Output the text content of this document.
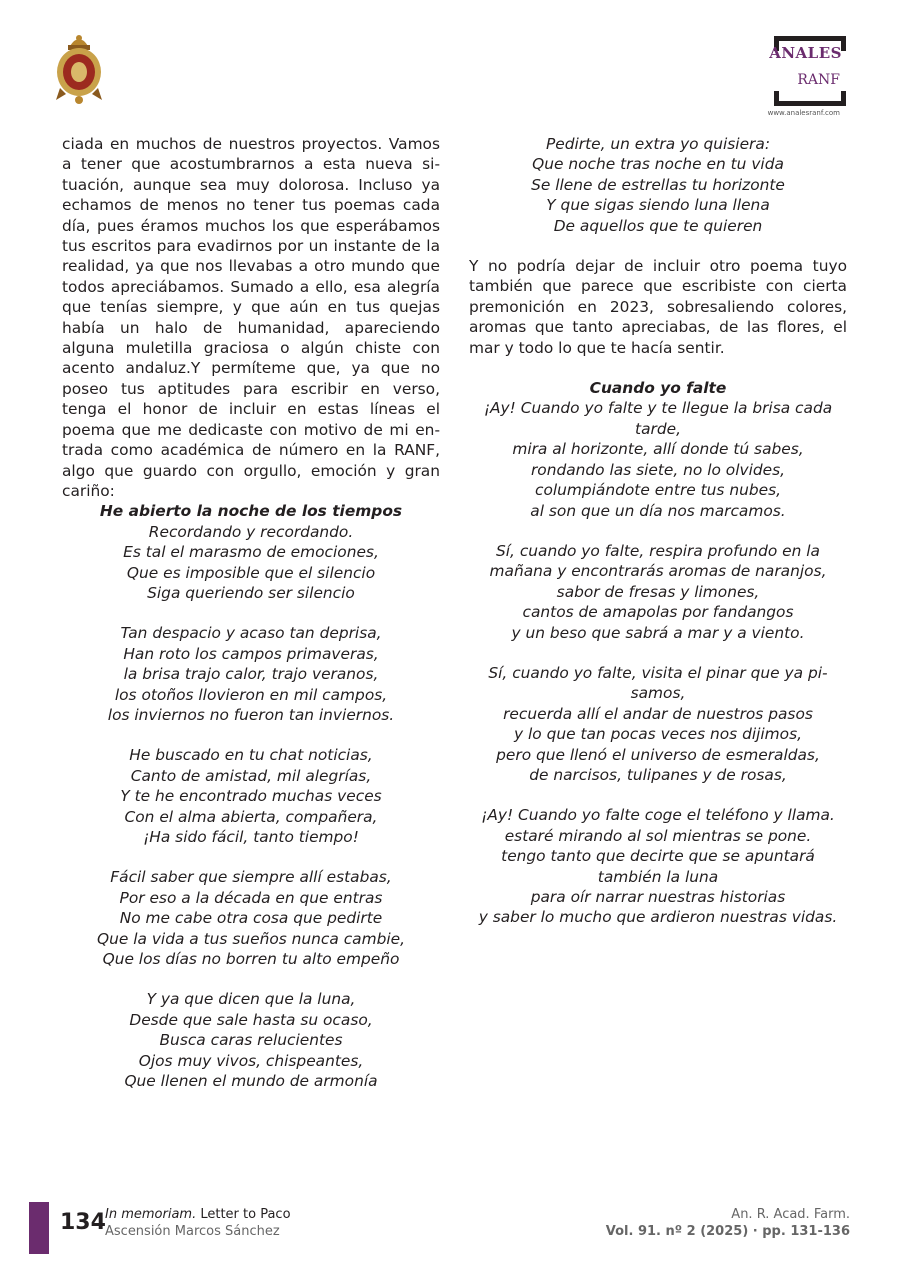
ANALES
RANF
www.analesranf.com

ciada en muchos de nuestros proyectos. Vamos a tener que acostumbrarnos a esta nueva situación, aunque sea muy dolorosa. Incluso ya echamos de menos no tener tus poemas cada día, pues éramos muchos los que esperábamos tus escritos para evadirnos por un instante de la realidad, ya que nos llevabas a otro mundo que todos apreciábamos. Sumado a ello, esa alegría que tenías siempre, y que aún en tus quejas había un halo de humanidad, apareciendo alguna muletilla graciosa o algún chiste con acento andaluz.Y permíteme que, ya que no poseo tus aptitudes para escribir en verso, tenga el honor de incluir en estas líneas el poema que me dedicaste con motivo de mi entrada como académica de número en la RANF, algo que guardo con orgullo, emoción y gran cariño:

He abierto la noche de los tiempos

Recordando y recordando.
Es tal el marasmo de emociones,
Que es imposible que el silencio
Siga queriendo ser silencio
Tan despacio y acaso tan deprisa,
Han roto los campos primaveras,
la brisa trajo calor, trajo veranos,
los otoños llovieron en mil campos,
los inviernos no fueron tan inviernos.
He buscado en tu chat noticias,
Canto de amistad, mil alegrías,
Y te he encontrado muchas veces
Con el alma abierta, compañera,
¡Ha sido fácil, tanto tiempo!
Fácil saber que siempre allí estabas,
Por eso a la década en que entras
No me cabe otra cosa que pedirte
Que la vida a tus sueños nunca cambie,
Que los días no borren tu alto empeño
Y ya que dicen que la luna,
Desde que sale hasta su ocaso,
Busca caras relucientes
Ojos muy vivos, chispeantes,
Que llenen el mundo de armonía
Pedirte, un extra yo quisiera:
Que noche tras noche en tu vida
Se llene de estrellas tu horizonte
Y que sigas siendo luna llena
De aquellos que te quieren

Y no podría dejar de incluir otro poema tuyo también que parece que escribiste con cierta premonición en 2023, sobresaliendo colores, aromas que tanto apreciabas, de las flores, el mar y todo lo que te hacía sentir.

Cuando yo falte

¡Ay! Cuando yo falte y te llegue la brisa cada tarde,
mira al horizonte, allí donde tú sabes,
rondando las siete, no lo olvides,
columpiándote entre tus nubes,
al son que un día nos marcamos.
Sí, cuando yo falte, respira profundo en la mañana y encontrarás aromas de naranjos,
sabor de fresas y limones,
cantos de amapolas por fandangos
y un beso que sabrá a mar y a viento.
Sí, cuando yo falte, visita el pinar que ya pisamos,
recuerda allí el andar de nuestros pasos
y lo que tan pocas veces nos dijimos,
pero que llenó el universo de esmeraldas,
de narcisos, tulipanes y de rosas,
¡Ay! Cuando yo falte coge el teléfono y llama.
estaré mirando al sol mientras se pone.
tengo tanto que decirte que se apuntará también la luna
para oír narrar nuestras historias
y saber lo mucho que ardieron nuestras vidas.
134 In memoriam. Letter to Paco
Ascensión Marcos Sánchez
An. R. Acad. Farm.
Vol. 91. nº 2 (2025) · pp. 131-136
